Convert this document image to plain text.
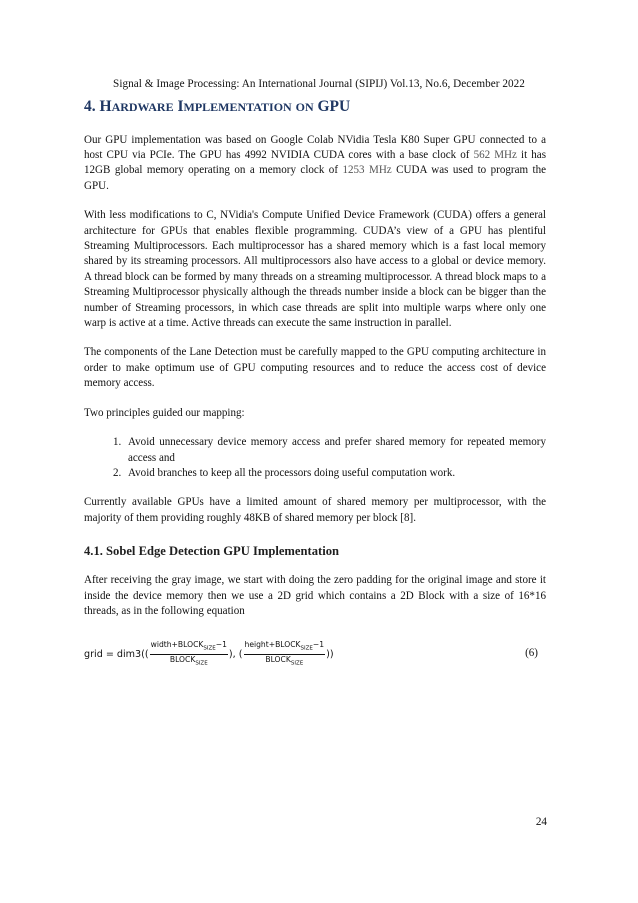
Signal & Image Processing: An International Journal (SIPIJ) Vol.13, No.6, December 2022
4. HARDWARE IMPLEMENTATION ON GPU

Our GPU implementation was based on Google Colab NVidia Tesla K80 Super GPU connected to a host CPU via PCIe. The GPU has 4992 NVIDIA CUDA cores with a base clock of 562 MHz it has 12GB global memory operating on a memory clock of 1253 MHz CUDA was used to program the GPU.

With less modifications to C, NVidia's Compute Unified Device Framework (CUDA) offers a general architecture for GPUs that enables flexible programming. CUDA’s view of a GPU has plentiful Streaming Multiprocessors. Each multiprocessor has a shared memory which is a fast local memory shared by its streaming processors. All multiprocessors also have access to a global or device memory. A thread block can be formed by many threads on a streaming multiprocessor. A thread block maps to a Streaming Multiprocessor physically although the threads number inside a block can be bigger than the number of Streaming processors, in which case threads are split into multiple warps where only one warp is active at a time. Active threads can execute the same instruction in parallel.

The components of the Lane Detection must be carefully mapped to the GPU computing architecture in order to make optimum use of GPU computing resources and to reduce the access cost of device memory access.

Two principles guided our mapping:

1. Avoid unnecessary device memory access and prefer shared memory for repeated memory access and
2. Avoid branches to keep all the processors doing useful computation work.

Currently available GPUs have a limited amount of shared memory per multiprocessor, with the majority of them providing roughly 48KB of shared memory per block [8].

4.1. Sobel Edge Detection GPU Implementation

After receiving the gray image, we start with doing the zero padding for the original image and store it inside the device memory then we use a 2D grid which contains a 2D Block with a size of 16*16 threads, as in the following equation

grid = $dim3(( \frac{width+BLOCK_{SIZE}-1}{BLOCK_{SIZE}}$ ), ( $\frac{height+BLOCK_{SIZE}-1}{BLOCK_{SIZE}}$ ))	(6)
24
